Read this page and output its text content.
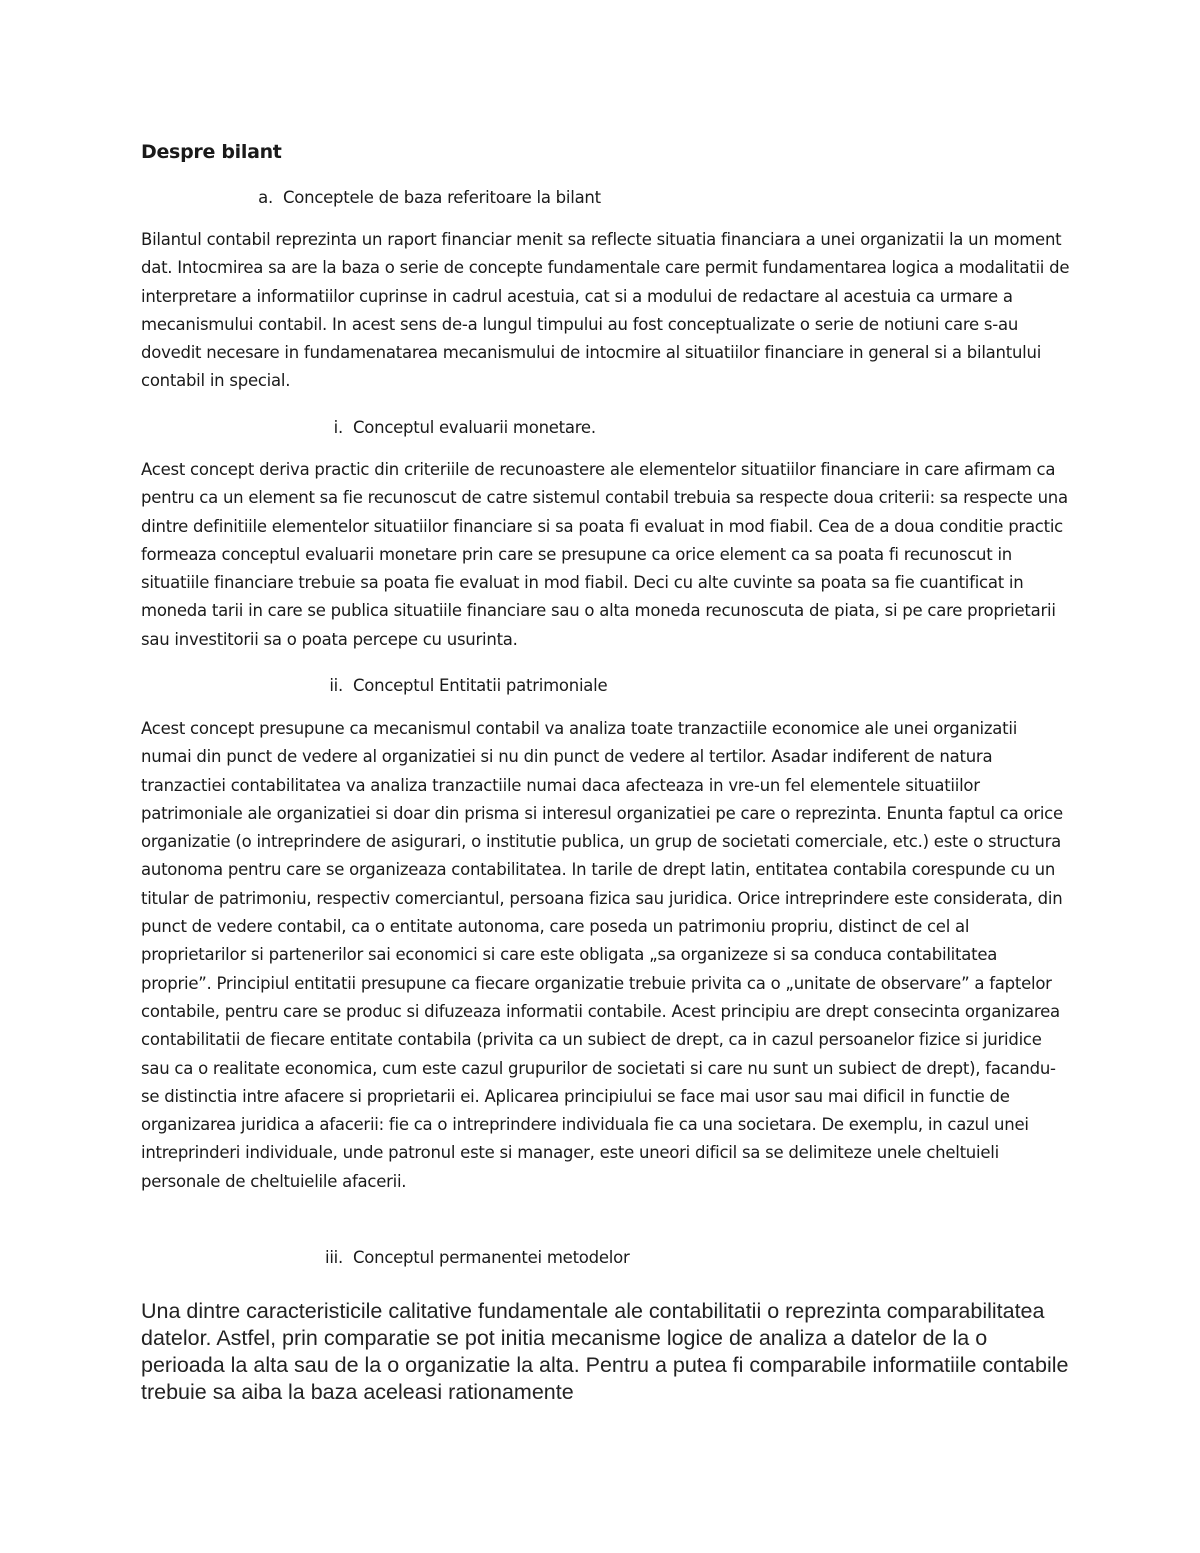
Despre bilant
a. Conceptele de baza referitoare la bilant

Bilantul contabil reprezinta un raport financiar menit sa reflecte situatia financiara a unei organizatii la un moment dat. Intocmirea sa are la baza o serie de concepte fundamentale care permit fundamentarea logica a modalitatii de interpretare a informatiilor cuprinse in cadrul acestuia, cat si a modului de redactare al acestuia ca urmare a mecanismului contabil. In acest sens de-a lungul timpului au fost conceptualizate o serie de notiuni care s-au dovedit necesare in fundamenatarea mecanismului de intocmire al situatiilor financiare in general si a bilantului contabil in special.

i. Conceptul evaluarii monetare.

Acest concept deriva practic din criteriile de recunoastere ale elementelor situatiilor financiare in care afirmam ca pentru ca un element sa fie recunoscut de catre sistemul contabil trebuia sa respecte doua criterii: sa respecte una dintre definitiile elementelor situatiilor financiare si sa poata fi evaluat in mod fiabil. Cea de a doua conditie practic formeaza conceptul evaluarii monetare prin care se presupune ca orice element ca sa poata fi recunoscut in situatiile financiare trebuie sa poata fie evaluat in mod fiabil. Deci cu alte cuvinte sa poata sa fie cuantificat in moneda tarii in care se publica situatiile financiare sau o alta moneda recunoscuta de piata, si pe care proprietarii sau investitorii sa o poata percepe cu usurinta.

ii. Conceptul Entitatii patrimoniale

Acest concept presupune ca mecanismul contabil va analiza toate tranzactiile economice ale unei organizatii numai din punct de vedere al organizatiei si nu din punct de vedere al tertilor. Asadar indiferent de natura tranzactiei contabilitatea va analiza tranzactiile numai daca afecteaza in vre-un fel elementele situatiilor patrimoniale ale organizatiei si doar din prisma si interesul organizatiei pe care o reprezinta. Enunta faptul ca orice organizatie (o intreprindere de asigurari, o institutie publica, un grup de societati comerciale, etc.) este o structura autonoma pentru care se organizeaza contabilitatea. In tarile de drept latin, entitatea contabila corespunde cu un titular de patrimoniu, respectiv comerciantul, persoana fizica sau juridica. Orice intreprindere este considerata, din punct de vedere contabil, ca o entitate autonoma, care poseda un patrimoniu propriu, distinct de cel al proprietarilor si partenerilor sai economici si care este obligata „sa organizeze si sa conduca contabilitatea proprie”. Principiul entitatii presupune ca fiecare organizatie trebuie privita ca o „unitate de observare” a faptelor contabile, pentru care se produc si difuzeaza informatii contabile. Acest principiu are drept consecinta organizarea contabilitatii de fiecare entitate contabila (privita ca un subiect de drept, ca in cazul persoanelor fizice si juridice sau ca o realitate economica, cum este cazul grupurilor de societati si care nu sunt un subiect de drept), facandu-se distinctia intre afacere si proprietarii ei. Aplicarea principiului se face mai usor sau mai dificil in functie de organizarea juridica a afacerii: fie ca o intreprindere individuala fie ca una societara. De exemplu, in cazul unei intreprinderi individuale, unde patronul este si manager, este uneori dificil sa se delimiteze unele cheltuieli personale de cheltuielile afacerii.

iii. Conceptul permanentei metodelor

Una dintre caracteristicile calitative fundamentale ale contabilitatii o reprezinta comparabilitatea datelor. Astfel, prin comparatie se pot initia mecanisme logice de analiza a datelor de la o perioada la alta sau de la o organizatie la alta. Pentru a putea fi comparabile informatiile contabile trebuie sa aiba la baza aceleasi rationamente
